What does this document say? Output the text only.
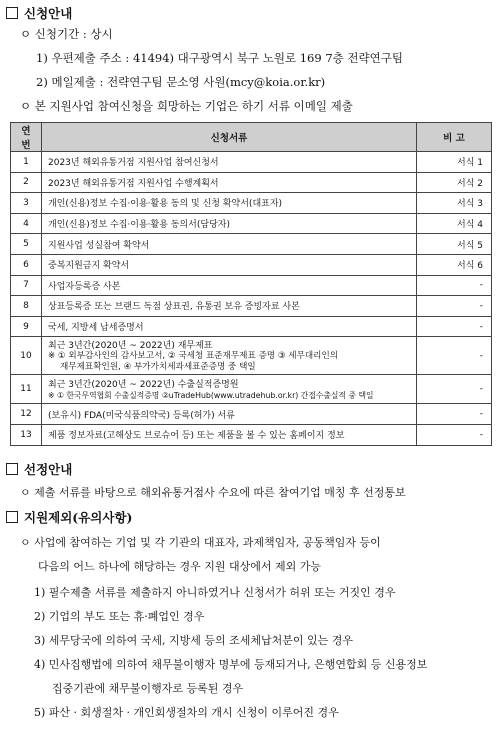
신청안내
ㅇ 신청기간 : 상시
1) 우편제출 주소 : 41494) 대구광역시 북구 노원로 169 7층 전략연구팀
2) 메일제출 : 전략연구팀 문소영 사원(mcy@koia.or.kr)
ㅇ 본 지원사업 참여신청을 희망하는 기업은 하기 서류 이메일 제출
연번	신청서류	비 고
1	2023년 해외유통거점 지원사업 참여신청서	서식 1
2	2023년 해외유통거점 지원사업 수행계획서	서식 2
3	개인(신용)정보 수집·이용·활용 동의 및 신청 확약서(대표자)	서식 3
4	개인(신용)정보 수집·이용·활용 동의서(담당자)	서식 4
5	지원사업 성실참여 확약서	서식 5
6	중복지원금지 확약서	서식 6
7	사업자등록증 사본	-
8	상표등록증 또는 브랜드 독점 상표권, 유통권 보유 증빙자료 사본	-
9	국세, 지방세 납세증명서	-
10	최근 3년간(2020년 ~ 2022년) 재무제표
※ ① 외부감사인의 감사보고서, ② 국세청 표준재무제표 증명 ③ 세무대리인의
재무제표확인원, ④ 부가가치세과세표준증명 중 택일	-
11	최근 3년간(2020년 ~ 2022년) 수출실적증명원
※ ① 한국무역협회 수출실적증명 ②uTradeHub(www.utradehub.or.kr) 간접수출실적 중 택일	-
12	(보유시) FDA(미국식품의약국) 등록(허가) 서류	-
13	제품 정보자료(고해상도 브로슈어 등) 또는 제품을 볼 수 있는 홈페이지 정보	-
선정안내
ㅇ 제출 서류를 바탕으로 해외유통거점사 수요에 따른 참여기업 매칭 후 선정통보
지원제외(유의사항)
ㅇ 사업에 참여하는 기업 및 각 기관의 대표자, 과제책임자, 공동책임자 등이
다음의 어느 하나에 해당하는 경우 지원 대상에서 제외 가능
1) 필수제출 서류를 제출하지 아니하였거나 신청서가 허위 또는 거짓인 경우
2) 기업의 부도 또는 휴·폐업인 경우
3) 세무당국에 의하여 국세, 지방세 등의 조세체납처분이 있는 경우
4) 민사집행법에 의하여 채무불이행자 명부에 등재되거나, 은행연합회 등 신용정보
집중기관에 채무불이행자로 등록된 경우
5) 파산 · 회생절차 · 개인회생절차의 개시 신청이 이루어진 경우
